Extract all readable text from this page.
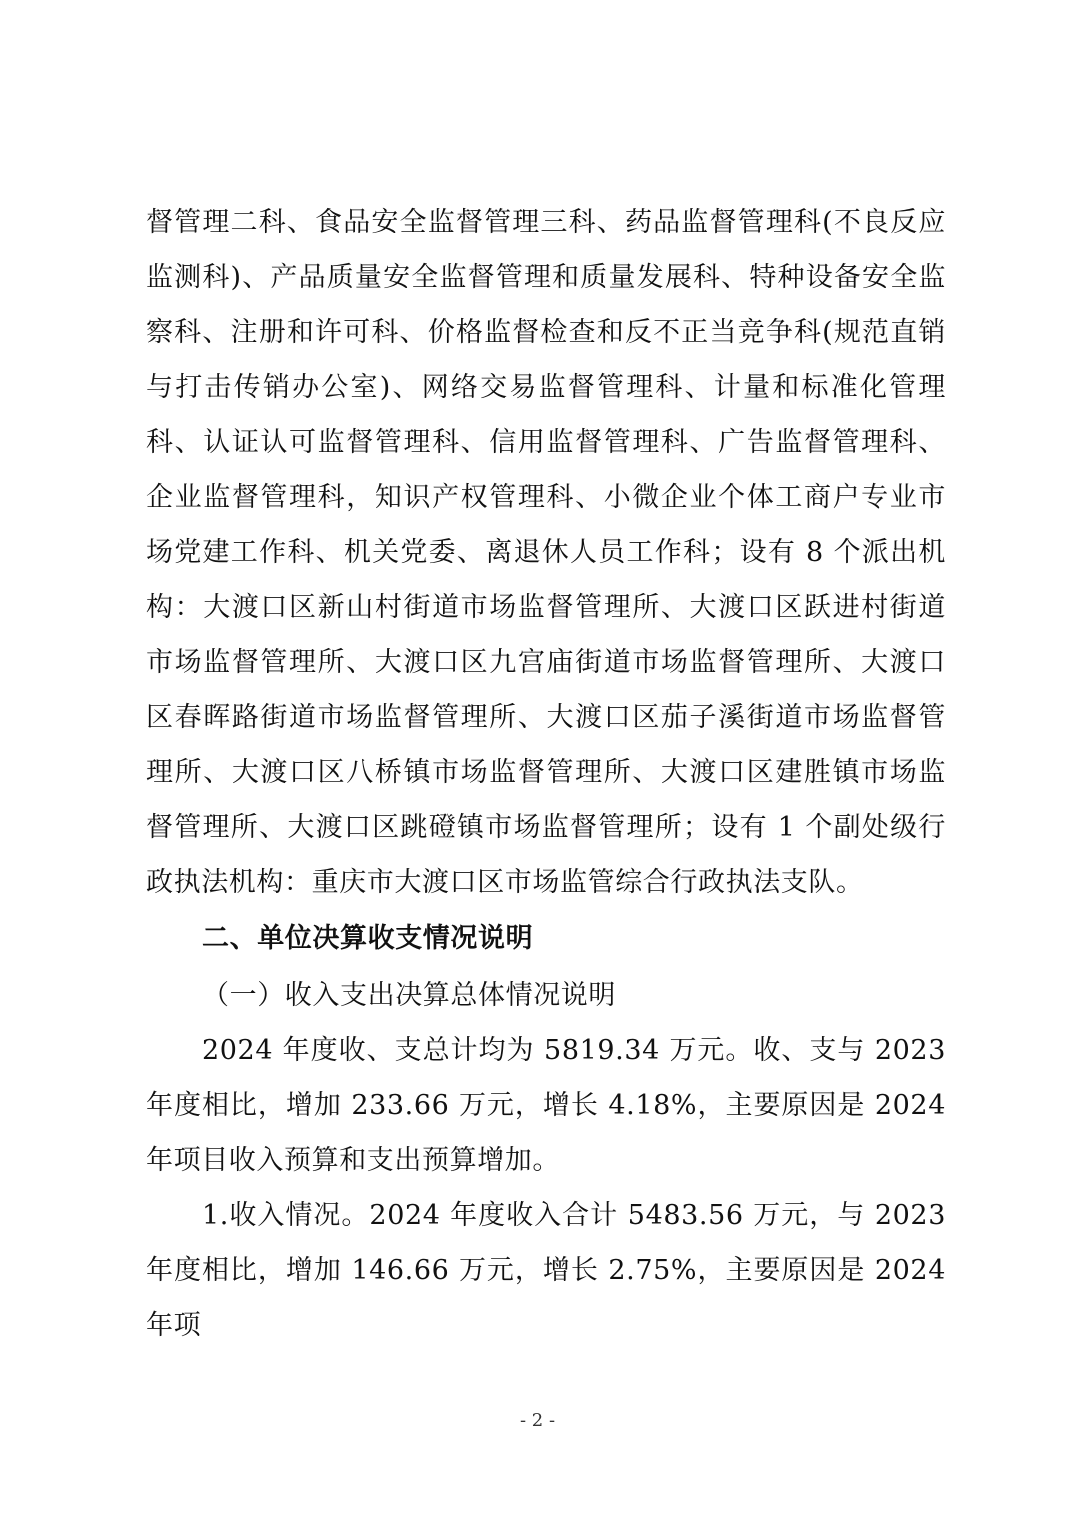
督管理二科、食品安全监督管理三科、药品监督管理科(不良反应监测科)、产品质量安全监督管理和质量发展科、特种设备安全监察科、注册和许可科、价格监督检查和反不正当竞争科(规范直销与打击传销办公室)、网络交易监督管理科、计量和标准化管理科、认证认可监督管理科、信用监督管理科、广告监督管理科、企业监督管理科，知识产权管理科、小微企业个体工商户专业市场党建工作科、机关党委、离退休人员工作科；设有 8 个派出机构：大渡口区新山村街道市场监督管理所、大渡口区跃进村街道市场监督管理所、大渡口区九宫庙街道市场监督管理所、大渡口区春晖路街道市场监督管理所、大渡口区茄子溪街道市场监督管理所、大渡口区八桥镇市场监督管理所、大渡口区建胜镇市场监督管理所、大渡口区跳磴镇市场监督管理所；设有 1 个副处级行政执法机构：重庆市大渡口区市场监管综合行政执法支队。

二、单位决算收支情况说明

（一）收入支出决算总体情况说明

2024 年度收、支总计均为 5819.34 万元。收、支与 2023 年度相比，增加 233.66 万元，增长 4.18%，主要原因是 2024 年项目收入预算和支出预算增加。

1.收入情况。2024 年度收入合计 5483.56 万元，与 2023 年度相比，增加 146.66 万元，增长 2.75%，主要原因是 2024 年项

- 2 -
